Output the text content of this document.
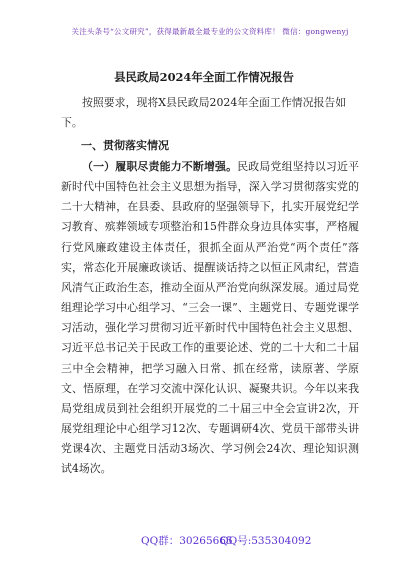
关注头条号“公文研究”，获得最新最全最专业的公文资料库！ 微信：gongwenyj
县民政局2024年全面工作情况报告

按照要求，现将X县民政局2024年全面工作情况报告如下。

一、贯彻落实情况

（一）履职尽责能力不断增强。民政局党组坚持以习近平新时代中国特色社会主义思想为指导，深入学习贯彻落实党的二十大精神，在县委、县政府的坚强领导下，扎实开展党纪学习教育、殡葬领域专项整治和15件群众身边具体实事，严格履行党风廉政建设主体责任，狠抓全面从严治党“两个责任”落实，常态化开展廉政谈话、提醒谈话持之以恒正风肃纪，营造风清气正政治生态，推动全面从严治党向纵深发展。通过局党组理论学习中心组学习、“三会一课”、主题党日、专题党课学习活动，强化学习贯彻习近平新时代中国特色社会主义思想、习近平总书记关于民政工作的重要论述、党的二十大和二十届三中全会精神，把学习融入日常、抓在经常，读原著、学原文、悟原理，在学习交流中深化认识、凝聚共识。今年以来我局党组成员到社会组织开展党的二十届三中全会宣讲2次，开展党组理论中心组学习12次、专题调研4次、党员干部带头讲党课4次、主题党日活动3场次、学习例会24次、理论知识测试4场次。

QQ群：30265665
QQ号:535304092
